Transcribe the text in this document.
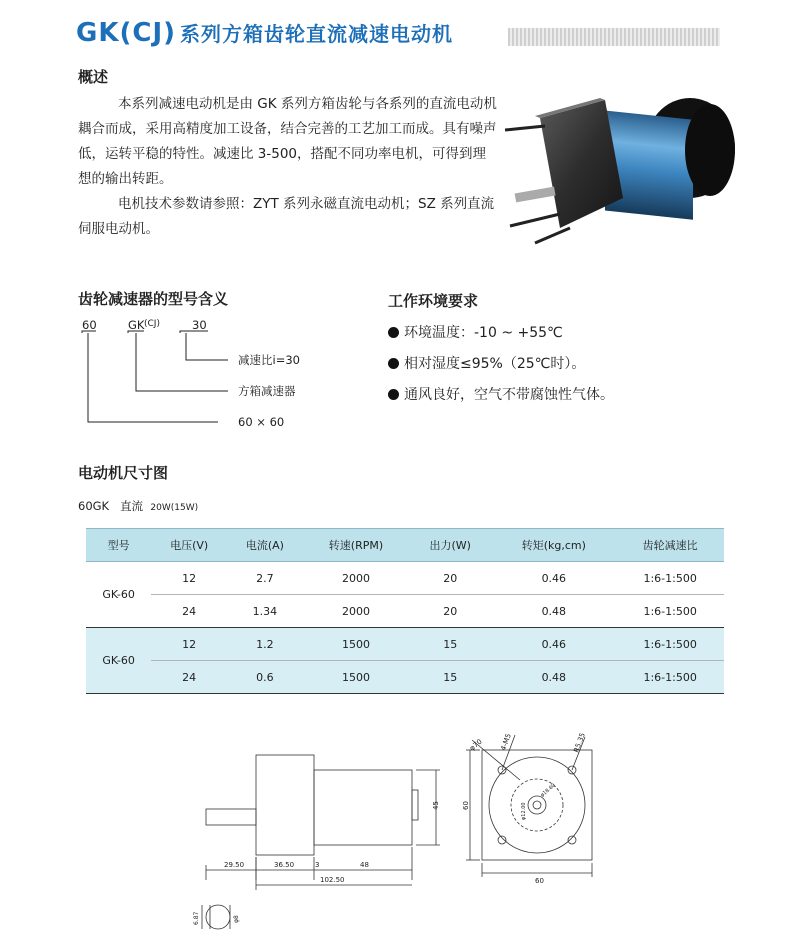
GK(CJ) 系列方箱齿轮直流减速电动机
概述

本系列减速电动机是由 GK 系列方箱齿轮与各系列的直流电动机耦合而成，采用高精度加工设备，结合完善的工艺加工而成。具有噪声低，运转平稳的特性。减速比 3-500，搭配不同功率电机，可得到理想的输出转距。

电机技术参数请参照：ZYT 系列永磁直流电动机；SZ 系列直流伺服电动机。

齿轮减速器的型号含义
60	GK (CJ)	30
减速比i=30
方箱减速器
60 × 60
工作环境要求
环境温度：-10 ~ +55℃
相对湿度≤95%（25℃时）。
通风良好，空气不带腐蚀性气体。
电动机尺寸图
60GK 直流 20W(15W)
型号	电压(V)	电流(A)	转速(RPM)	出力(W)	转矩(kg,cm)	齿轮减速比
GK-60	12	2.7	2000	20	0.46	1:6-1:500
	24	1.34	2000	20	0.48	1:6-1:500
GK-60	12	1.2	1500	15	0.46	1:6-1:500
	24	0.6	1500	15	0.48	1:6-1:500
29.50	36.50	3	48
102.50
45
60
60
4-M5
φ70	R5.35
φ12.00
φ18.60
6.87	φ8
